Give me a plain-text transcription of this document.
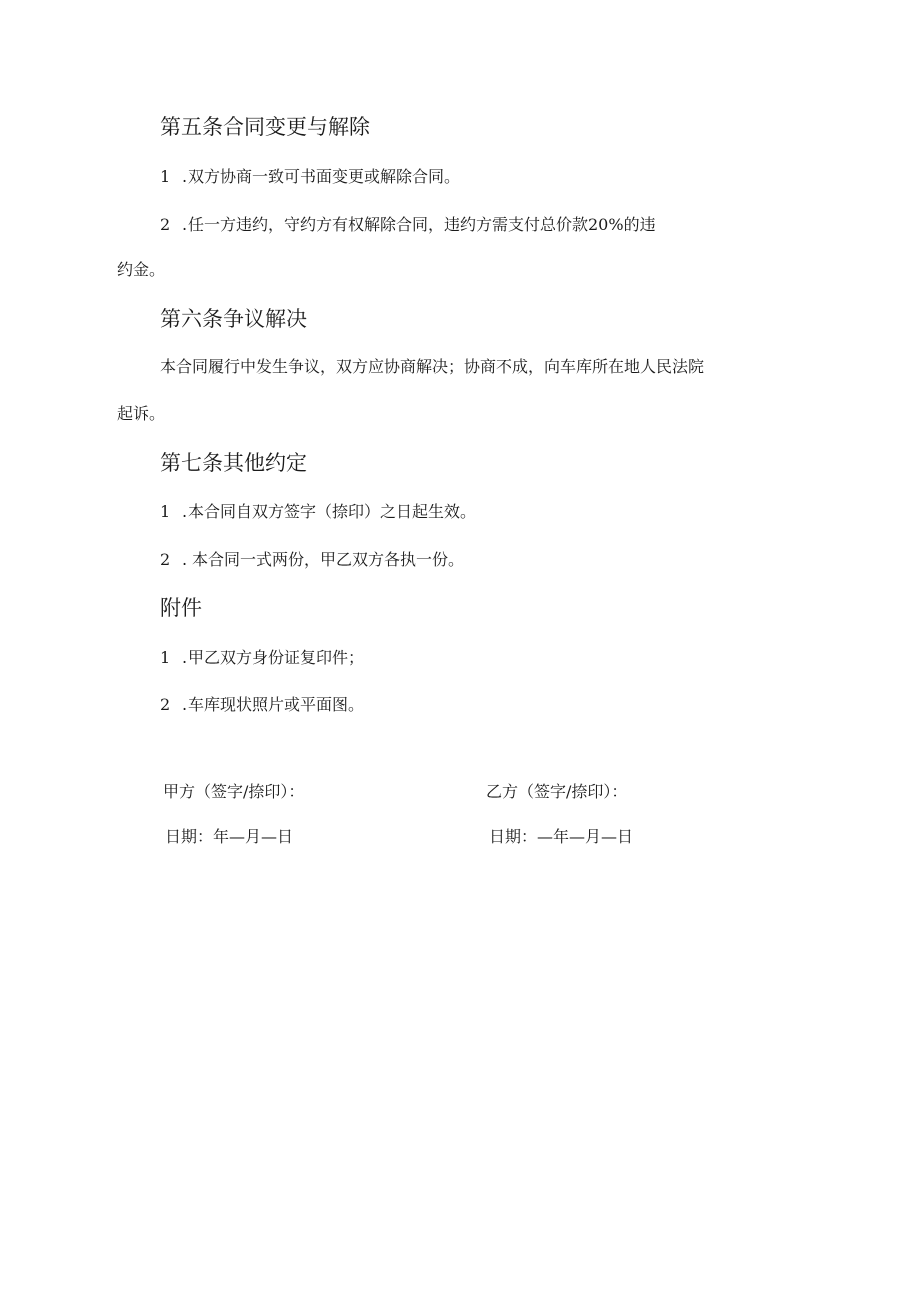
第五条合同变更与解除
1 .双方协商一致可书面变更或解除合同。
2 .任一方违约，守约方有权解除合同，违约方需支付总价款20%的违
约金。
第六条争议解决
本合同履行中发生争议，双方应协商解决；协商不成，向车库所在地人民法院
起诉。
第七条其他约定
1 .本合同自双方签字（捺印）之日起生效。
2 . 本合同一式两份，甲乙双方各执一份。
附件
1 .甲乙双方身份证复印件；
2 .车库现状照片或平面图。
甲方（签字/捺印）：	乙方（签字/捺印）：
日期：年—月—日	日期：—年—月—日
